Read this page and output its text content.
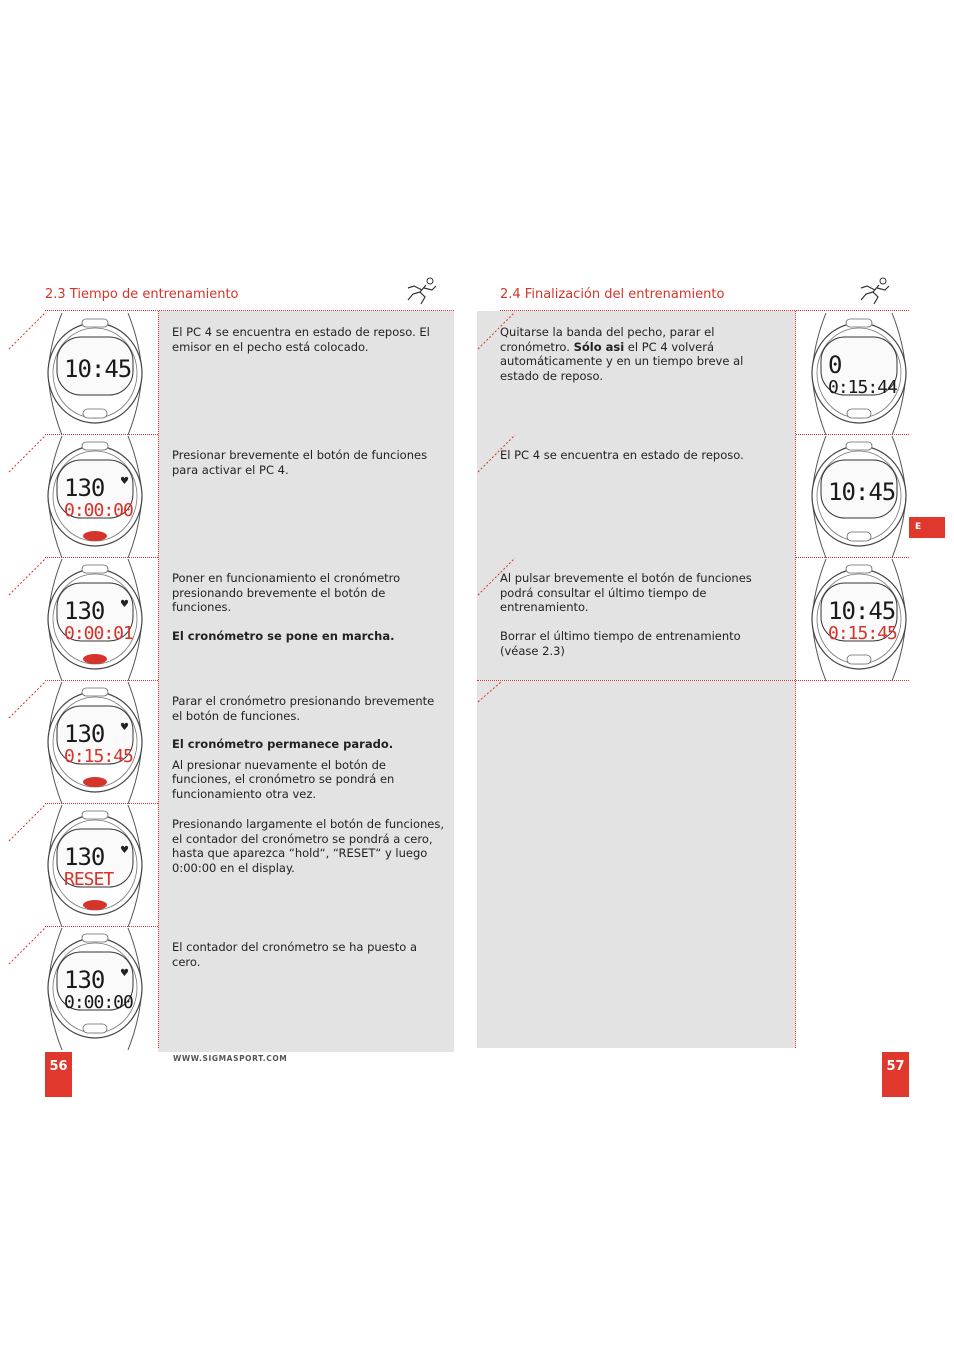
2.3 Tiempo de entrenamiento

El PC 4 se encuentra en estado de reposo. El emisor en el pecho está colocado.

10:45

Presionar brevemente el botón de funciones para activar el PC 4.

♥
130
0:00:00

Poner en funcionamiento el cronómetro presionando brevemente el botón de funciones.

El cronómetro se pone en marcha.

♥
130
0:00:01

Parar el cronómetro presionando brevemente el botón de funciones.

El cronómetro permanece parado.

Al presionar nuevamente el botón de funciones, el cronómetro se pondrá en funcionamiento otra vez.

♥
130
0:15:45

Presionando largamente el botón de funciones, el contador del cronómetro se pondrá a cero, hasta que aparezca “hold“, “RESET“ y luego 0:00:00 en el display.

♥
130
RESET

El contador del cronómetro se ha puesto a cero.

♥
130
0:00:00
56
WWW.SIGMASPORT.COM
2.4 Finalización del entrenamiento
Quitarse la banda del pecho, parar el cronómetro. Sólo asi el PC 4 volverá automáticamente y en un tiempo breve al estado de reposo.	0
0:15:44
El PC 4 se encuentra en estado de reposo.
10:45
Al pulsar brevemente el botón de funciones podrá consultar el último tiempo de entrenamiento.

Borrar el último tiempo de entrenamiento (véase 2.3)
10:45
0:15:45
E
57
